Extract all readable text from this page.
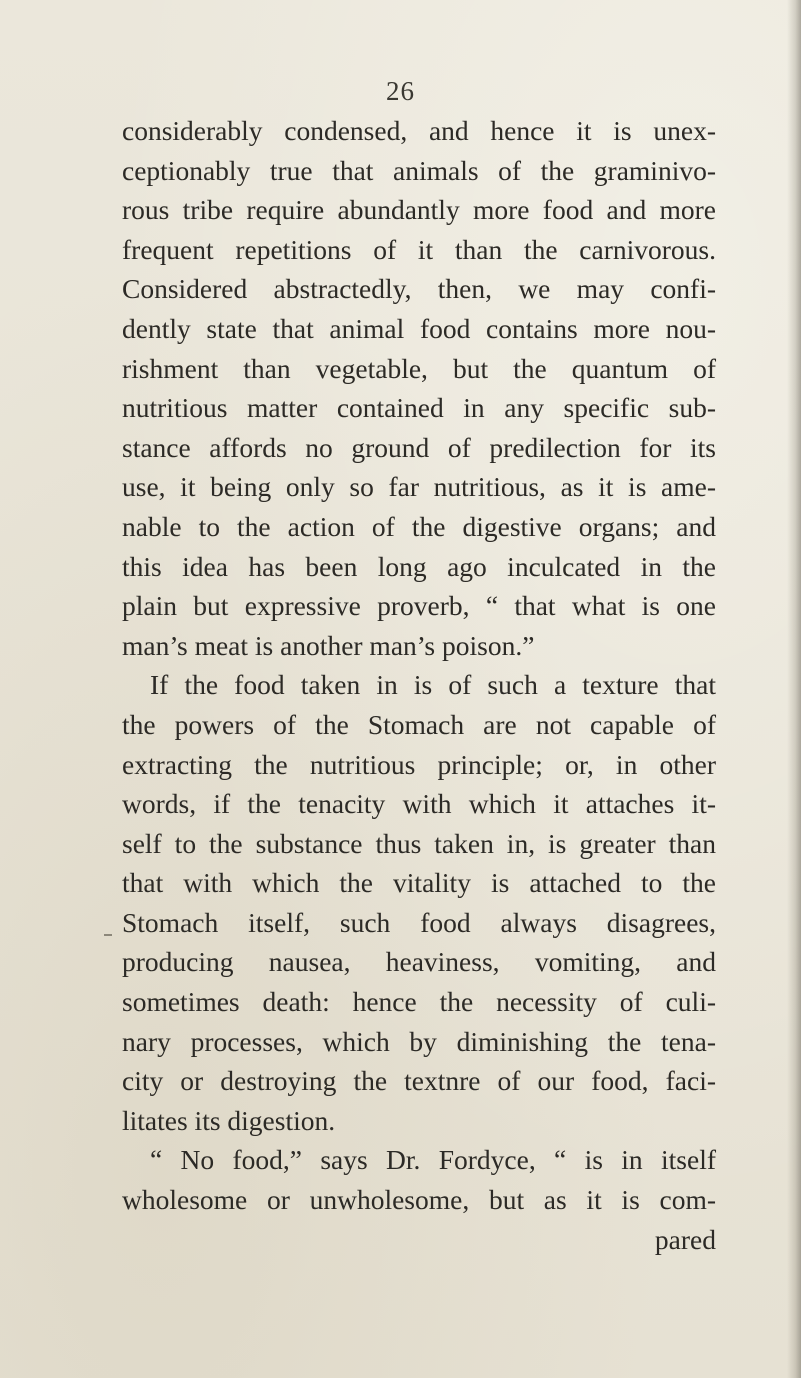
26
considerably condensed, and hence it is unex-
ceptionably true that animals of the graminivo-
rous tribe require abundantly more food and more
frequent repetitions of it than the carnivorous.
Considered abstractedly, then, we may confi-
dently state that animal food contains more nou-
rishment than vegetable, but the quantum of
nutritious matter contained in any specific sub-
stance affords no ground of predilection for its
use, it being only so far nutritious, as it is ame-
nable to the action of the digestive organs; and
this idea has been long ago inculcated in the
plain but expressive proverb, “ that what is one
man’s meat is another man’s poison.”
If the food taken in is of such a texture that
the powers of the Stomach are not capable of
extracting the nutritious principle; or, in other
words, if the tenacity with which it attaches it-
self to the substance thus taken in, is greater than
that with which the vitality is attached to the
Stomach itself, such food always disagrees,
producing nausea, heaviness, vomiting, and
sometimes death: hence the necessity of culi-
nary processes, which by diminishing the tena-
city or destroying the textnre of our food, faci-
litates its digestion.
“ No food,” says Dr. Fordyce, “ is in itself
wholesome or unwholesome, but as it is com-
pared
